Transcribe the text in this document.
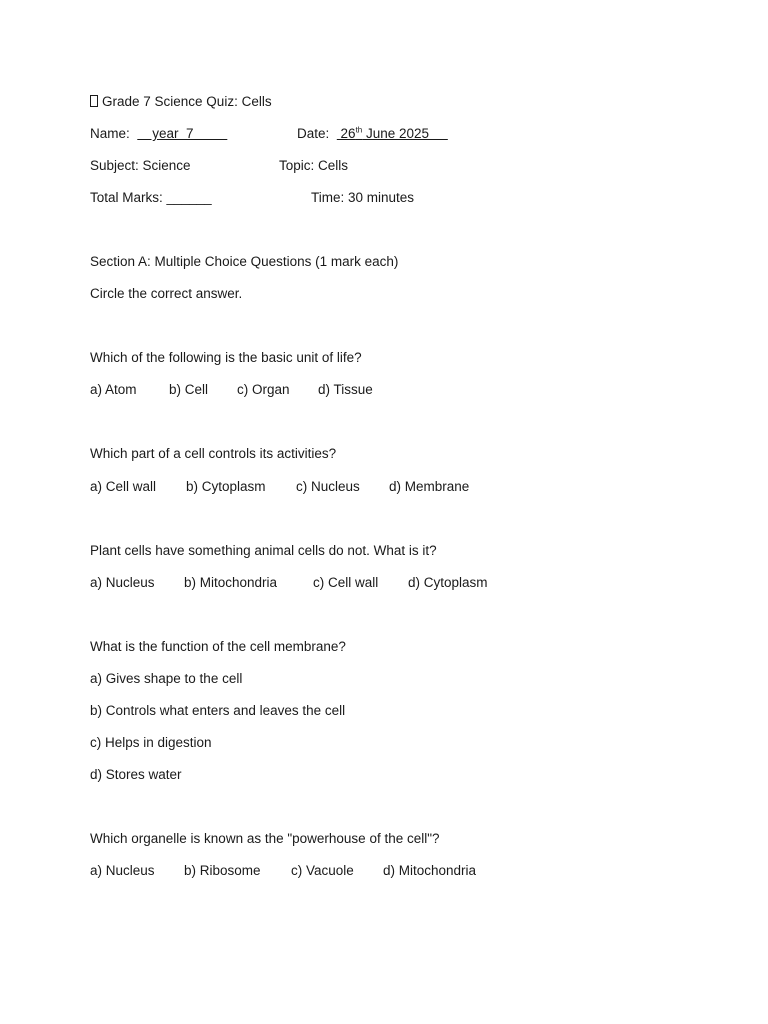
Grade 7 Science Quiz: Cells
Name:      year  7	Date:   26th June 2025
Subject: Science	Topic: Cells
Total Marks: ______	Time: 30 minutes
Section A: Multiple Choice Questions (1 mark each)
Circle the correct answer.
Which of the following is the basic unit of life?
a) Atom b) Cell c) Organ d) Tissue
Which part of a cell controls its activities?
a) Cell wall b) Cytoplasm c) Nucleus d) Membrane
Plant cells have something animal cells do not. What is it?
a) Nucleus b) Mitochondria	c) Cell wall d) Cytoplasm
What is the function of the cell membrane?
a) Gives shape to the cell
b) Controls what enters and leaves the cell
c) Helps in digestion
d) Stores water
Which organelle is known as the "powerhouse of the cell"?
a) Nucleus b) Ribosome c) Vacuole d) Mitochondria
